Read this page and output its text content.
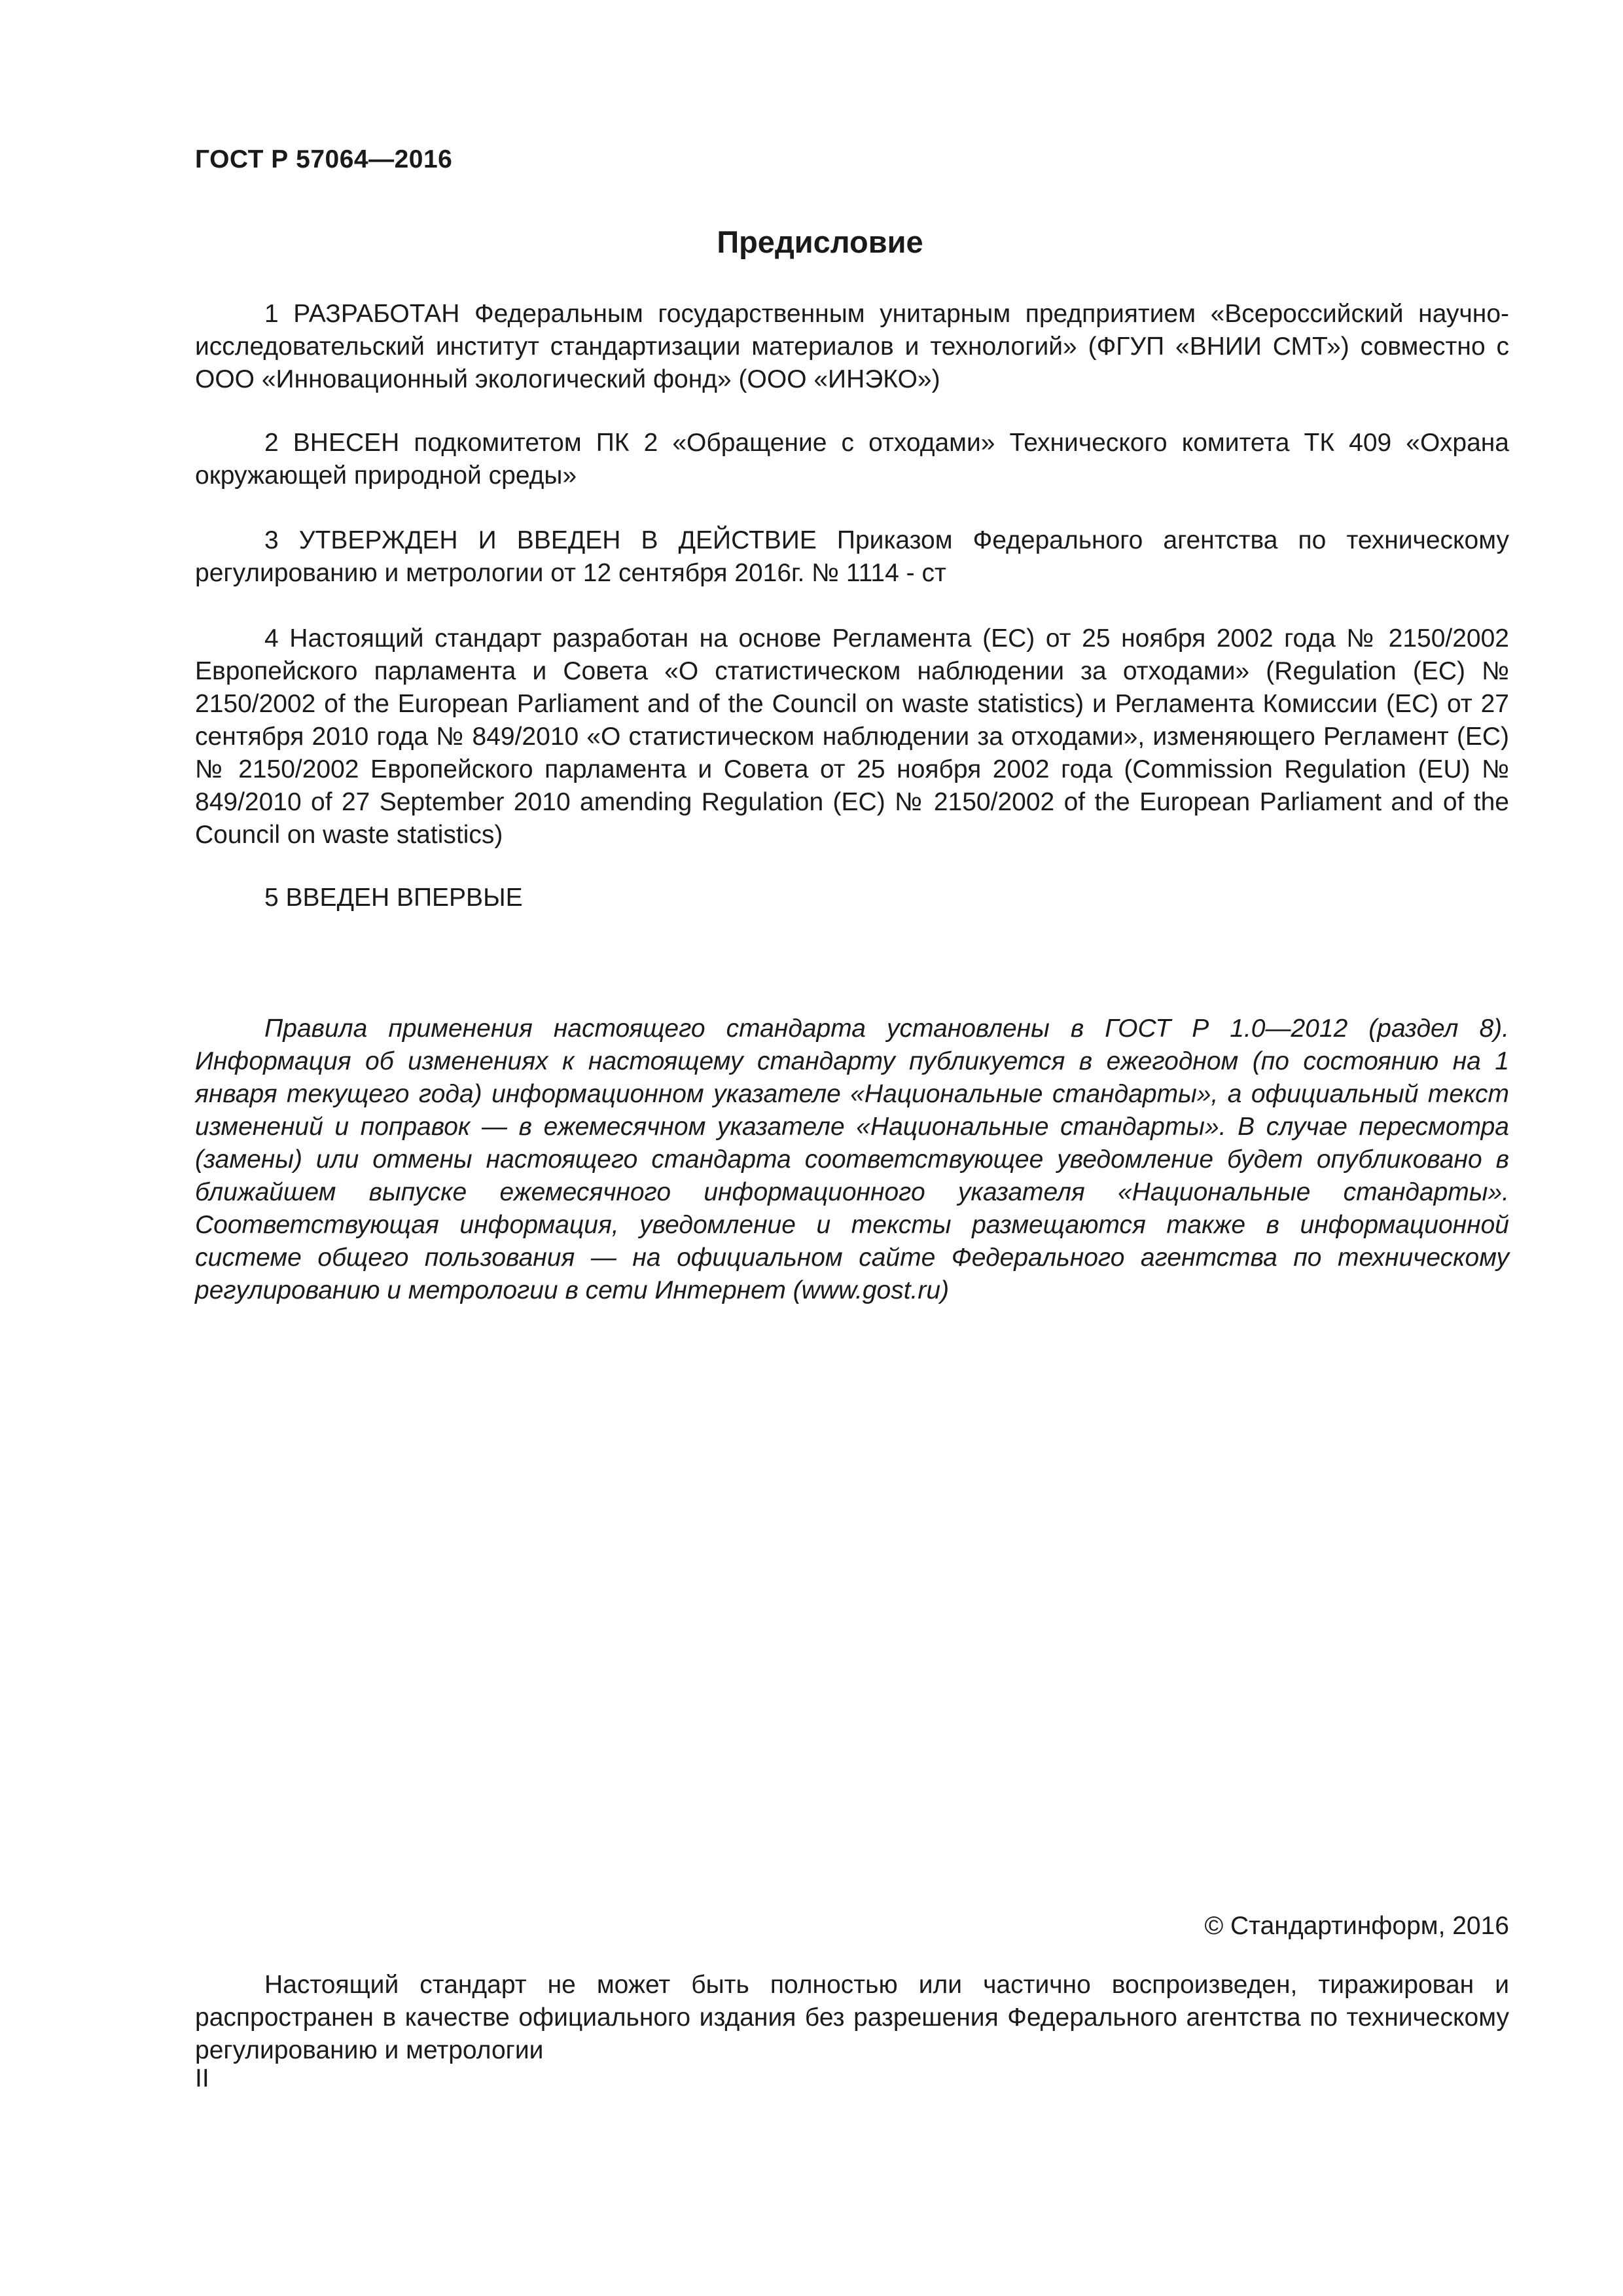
ГОСТ Р 57064—2016
Предисловие

1 РАЗРАБОТАН Федеральным государственным унитарным предприятием «Всероссийский научно-исследовательский институт стандартизации материалов и технологий» (ФГУП «ВНИИ СМТ») совместно с ООО «Инновационный экологический фонд» (ООО «ИНЭКО»)

2 ВНЕСЕН подкомитетом ПК 2 «Обращение с отходами» Технического комитета ТК 409 «Охрана окружающей природной среды»

3 УТВЕРЖДЕН И ВВЕДЕН В ДЕЙСТВИЕ Приказом Федерального агентства по техническому регулированию и метрологии от 12 сентября 2016г. № 1114 - ст

4 Настоящий стандарт разработан на основе Регламента (ЕС) от 25 ноября 2002 года № 2150/2002 Европейского парламента и Совета «О статистическом наблюдении за отходами» (Regulation (EC) № 2150/2002 of the European Parliament and of the Council on waste statistics) и Регламента Комиссии (ЕС) от 27 сентября 2010 года № 849/2010 «О статистическом наблюдении за отходами», изменяющего Регламент (ЕС) № 2150/2002 Европейского парламента и Совета от 25 ноября 2002 года (Commission Regulation (EU) № 849/2010 of 27 September 2010 amending Regulation (EC) № 2150/2002 of the European Parliament and of the Council on waste statistics)

5 ВВЕДЕН ВПЕРВЫЕ

Правила применения настоящего стандарта установлены в ГОСТ Р 1.0—2012 (раздел 8). Информация об изменениях к настоящему стандарту публикуется в ежегодном (по состоянию на 1 января текущего года) информационном указателе «Национальные стандарты», а официальный текст изменений и поправок — в ежемесячном указателе «Национальные стандарты». В случае пересмотра (замены) или отмены настоящего стандарта соответствующее уведомление будет опубликовано в ближайшем выпуске ежемесячного информационного указателя «Национальные стандарты». Соответствующая информация, уведомление и тексты размещаются также в информационной системе общего пользования — на официальном сайте Федерального агентства по техническому регулированию и метрологии в сети Интернет (www.gost.ru)

© Стандартинформ, 2016

Настоящий стандарт не может быть полностью или частично воспроизведен, тиражирован и распространен в качестве официального издания без разрешения Федерального агентства по техническому регулированию и метрологии

II
